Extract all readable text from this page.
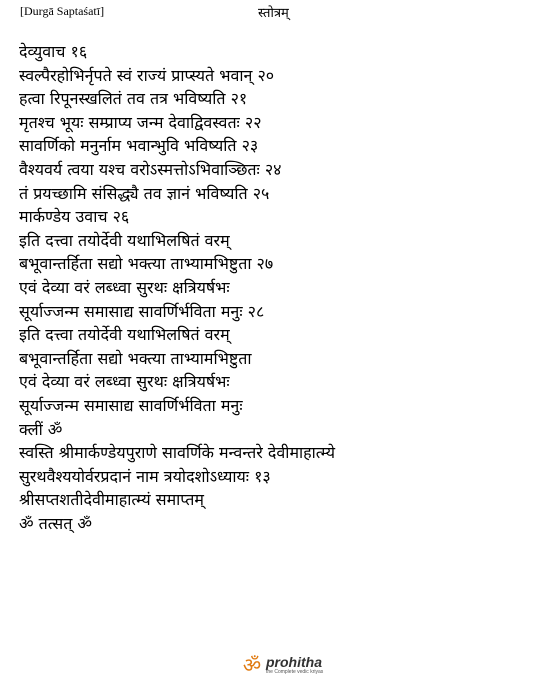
[Durgā Saptaśatī]	स्तोत्रम्
देव्युवाच १६
स्वल्पैरहोभिर्नृपते स्वं राज्यं प्राप्स्यते भवान् २०
हत्वा रिपूनस्खलितं तव तत्र भविष्यति २१
मृतश्च भूयः सम्प्राप्य जन्म देवाद्विवस्वतः २२
सावर्णिको मनुर्नाम भवान्भुवि भविष्यति २३
वैश्यवर्य त्वया यश्च वरोऽस्मत्तोऽभिवाञ्छितः २४
तं प्रयच्छामि संसिद्ध्यै तव ज्ञानं भविष्यति २५
मार्कण्डेय उवाच २६
इति दत्त्वा तयोर्देवी यथाभिलषितं वरम्
बभूवान्तर्हिता सद्यो भक्त्या ताभ्यामभिष्टुता २७
एवं देव्या वरं लब्ध्वा सुरथः क्षत्रियर्षभः
सूर्याज्जन्म समासाद्य सावर्णिर्भविता मनुः २८
इति दत्त्वा तयोर्देवी यथाभिलषितं वरम्
बभूवान्तर्हिता सद्यो भक्त्या ताभ्यामभिष्टुता
एवं देव्या वरं लब्ध्वा सुरथः क्षत्रियर्षभः
सूर्याज्जन्म समासाद्य सावर्णिर्भविता मनुः
क्लीं ॐ
स्वस्ति श्रीमार्कण्डेयपुराणे सावर्णिके मन्वन्तरे देवीमाहात्म्ये
सुरथवैश्ययोर्वरप्रदानं नाम त्रयोदशोऽध्यायः १३
श्रीसप्तशतीदेवीमाहात्म्यं समाप्तम्
ॐ तत्सत् ॐ
ॐ prohitha
the Complete vedic kriyas
